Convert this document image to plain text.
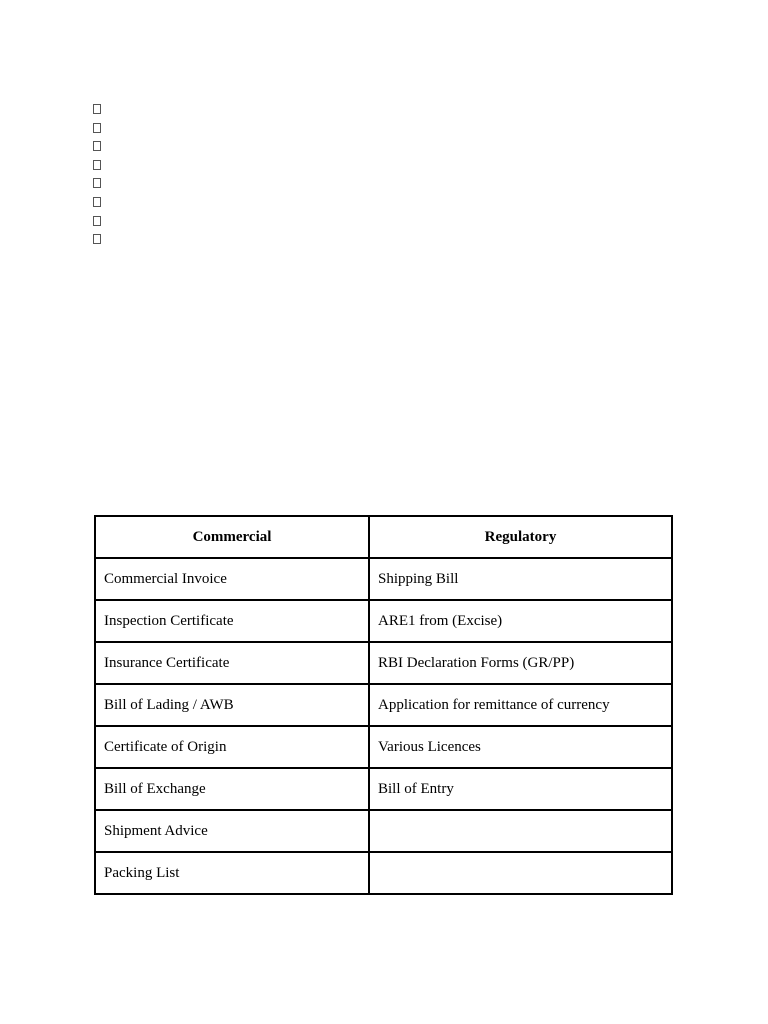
Commercial	Regulatory
Commercial Invoice	Shipping Bill
Inspection Certificate	ARE1 from (Excise)
Insurance Certificate	RBI Declaration Forms (GR/PP)
Bill of Lading / AWB	Application for remittance of currency
Certificate of Origin	Various Licences
Bill of Exchange	Bill of Entry
Shipment Advice	
Packing List	
